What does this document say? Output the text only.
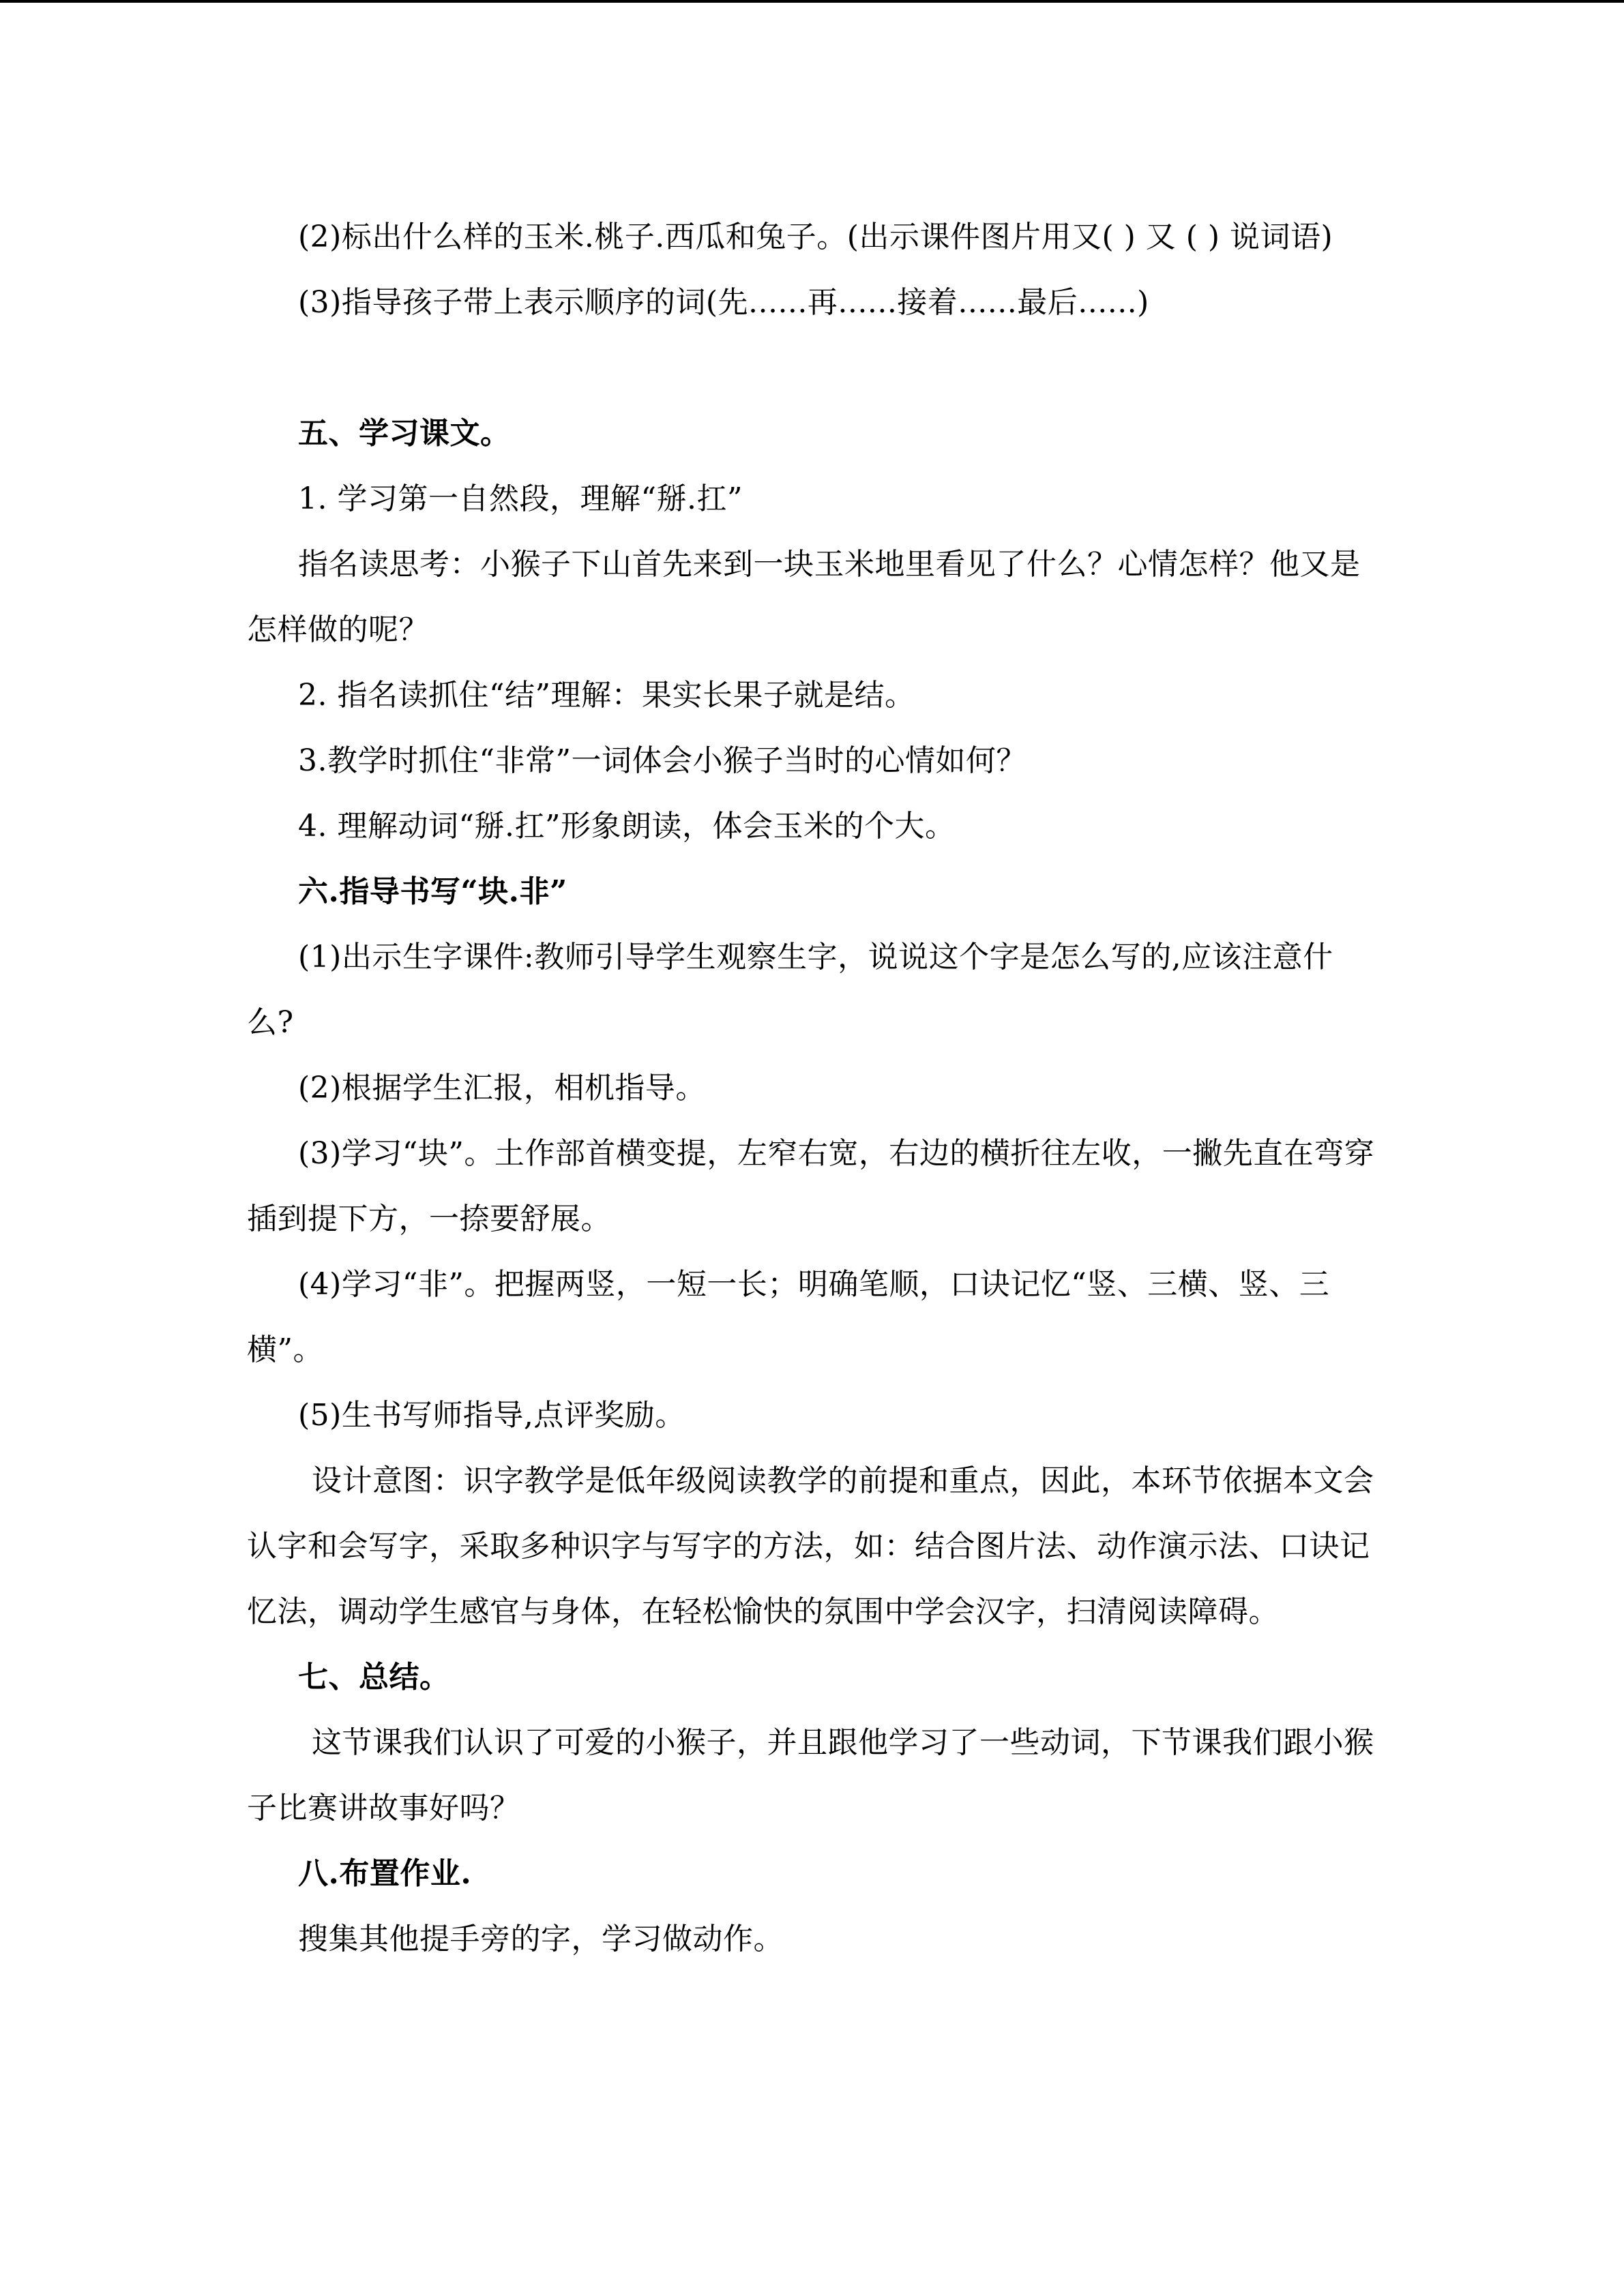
(2)标出什么样的玉米.桃子.西瓜和兔子。(出示课件图片用又( ) 又 ( ) 说词语)

(3)指导孩子带上表示顺序的词(先......再......接着......最后......)

五、学习课文。

1. 学习第一自然段，理解“掰.扛”

指名读思考：小猴子下山首先来到一块玉米地里看见了什么？心情怎样？他又是怎样做的呢？

2. 指名读抓住“结”理解：果实长果子就是结。

3.教学时抓住“非常”一词体会小猴子当时的心情如何？

4. 理解动词“掰.扛”形象朗读，体会玉米的个大。

六.指导书写“块.非”

(1)出示生字课件:教师引导学生观察生字，说说这个字是怎么写的,应该注意什么?

(2)根据学生汇报，相机指导。

(3)学习“块”。土作部首横变提，左窄右宽，右边的横折往左收，一撇先直在弯穿插到提下方，一捺要舒展。

(4)学习“非”。把握两竖，一短一长；明确笔顺，口诀记忆“竖、三横、竖、三横”。

(5)生书写师指导,点评奖励。

设计意图：识字教学是低年级阅读教学的前提和重点，因此，本环节依据本文会认字和会写字，采取多种识字与写字的方法，如：结合图片法、动作演示法、口诀记忆法，调动学生感官与身体，在轻松愉快的氛围中学会汉字，扫清阅读障碍。

七、总结。

这节课我们认识了可爱的小猴子，并且跟他学习了一些动词，下节课我们跟小猴子比赛讲故事好吗？

八.布置作业.

搜集其他提手旁的字，学习做动作。
